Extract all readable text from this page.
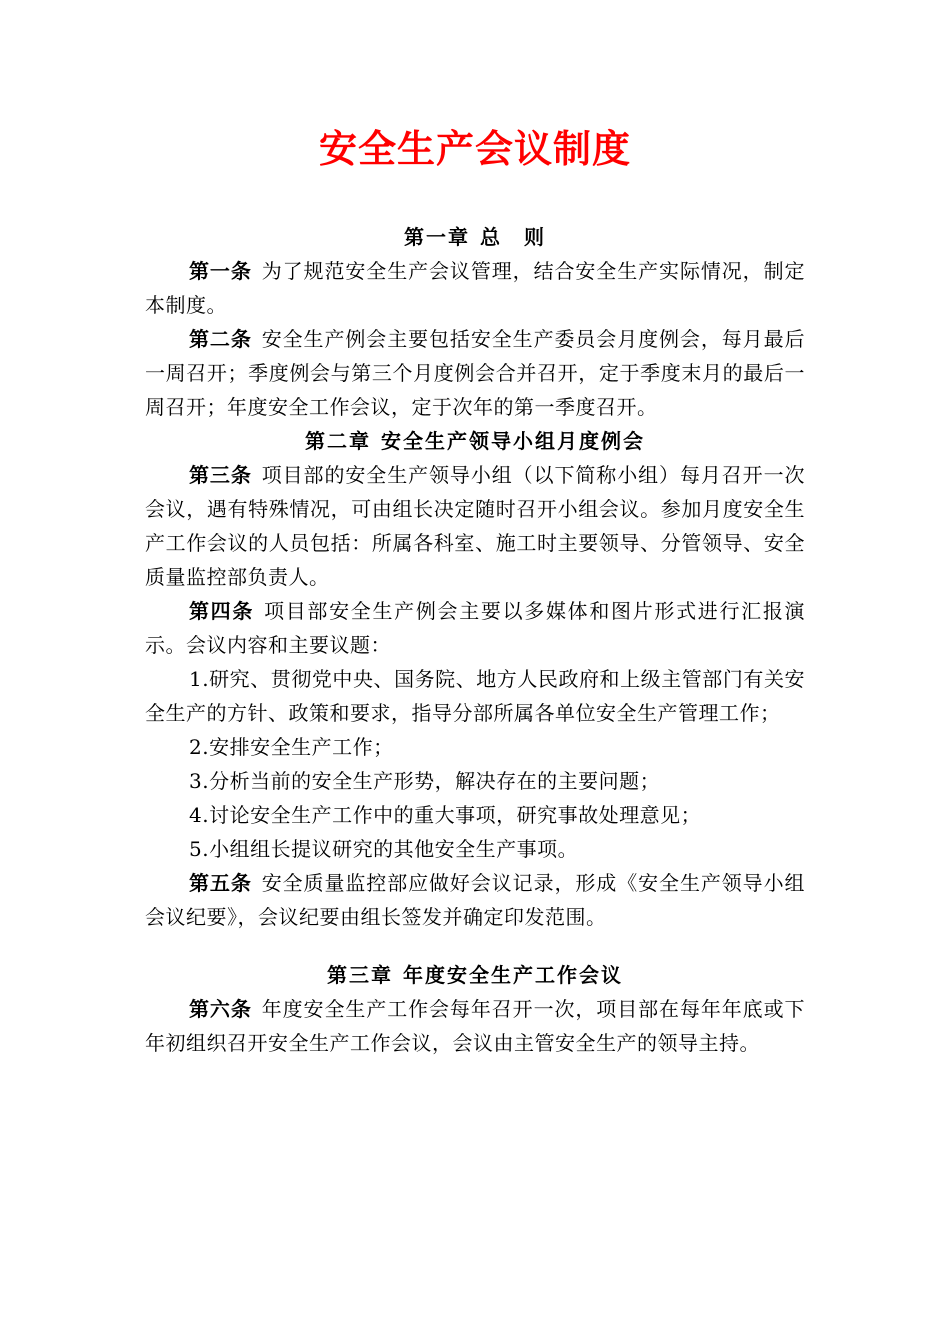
安全生产会议制度

第一章 总　则

第一条 为了规范安全生产会议管理，结合安全生产实际情况，制定本制度。

第二条 安全生产例会主要包括安全生产委员会月度例会，每月最后一周召开；季度例会与第三个月度例会合并召开，定于季度末月的最后一周召开；年度安全工作会议，定于次年的第一季度召开。

第二章 安全生产领导小组月度例会

第三条 项目部的安全生产领导小组（以下简称小组）每月召开一次会议，遇有特殊情况，可由组长决定随时召开小组会议。参加月度安全生产工作会议的人员包括：所属各科室、施工时主要领导、分管领导、安全质量监控部负责人。

第四条 项目部安全生产例会主要以多媒体和图片形式进行汇报演示。会议内容和主要议题：

1.研究、贯彻党中央、国务院、地方人民政府和上级主管部门有关安全生产的方针、政策和要求，指导分部所属各单位安全生产管理工作；

2.安排安全生产工作；

3.分析当前的安全生产形势，解决存在的主要问题；

4.讨论安全生产工作中的重大事项，研究事故处理意见；

5.小组组长提议研究的其他安全生产事项。

第五条 安全质量监控部应做好会议记录，形成《安全生产领导小组会议纪要》，会议纪要由组长签发并确定印发范围。

第三章 年度安全生产工作会议

第六条 年度安全生产工作会每年召开一次，项目部在每年年底或下年初组织召开安全生产工作会议，会议由主管安全生产的领导主持。
